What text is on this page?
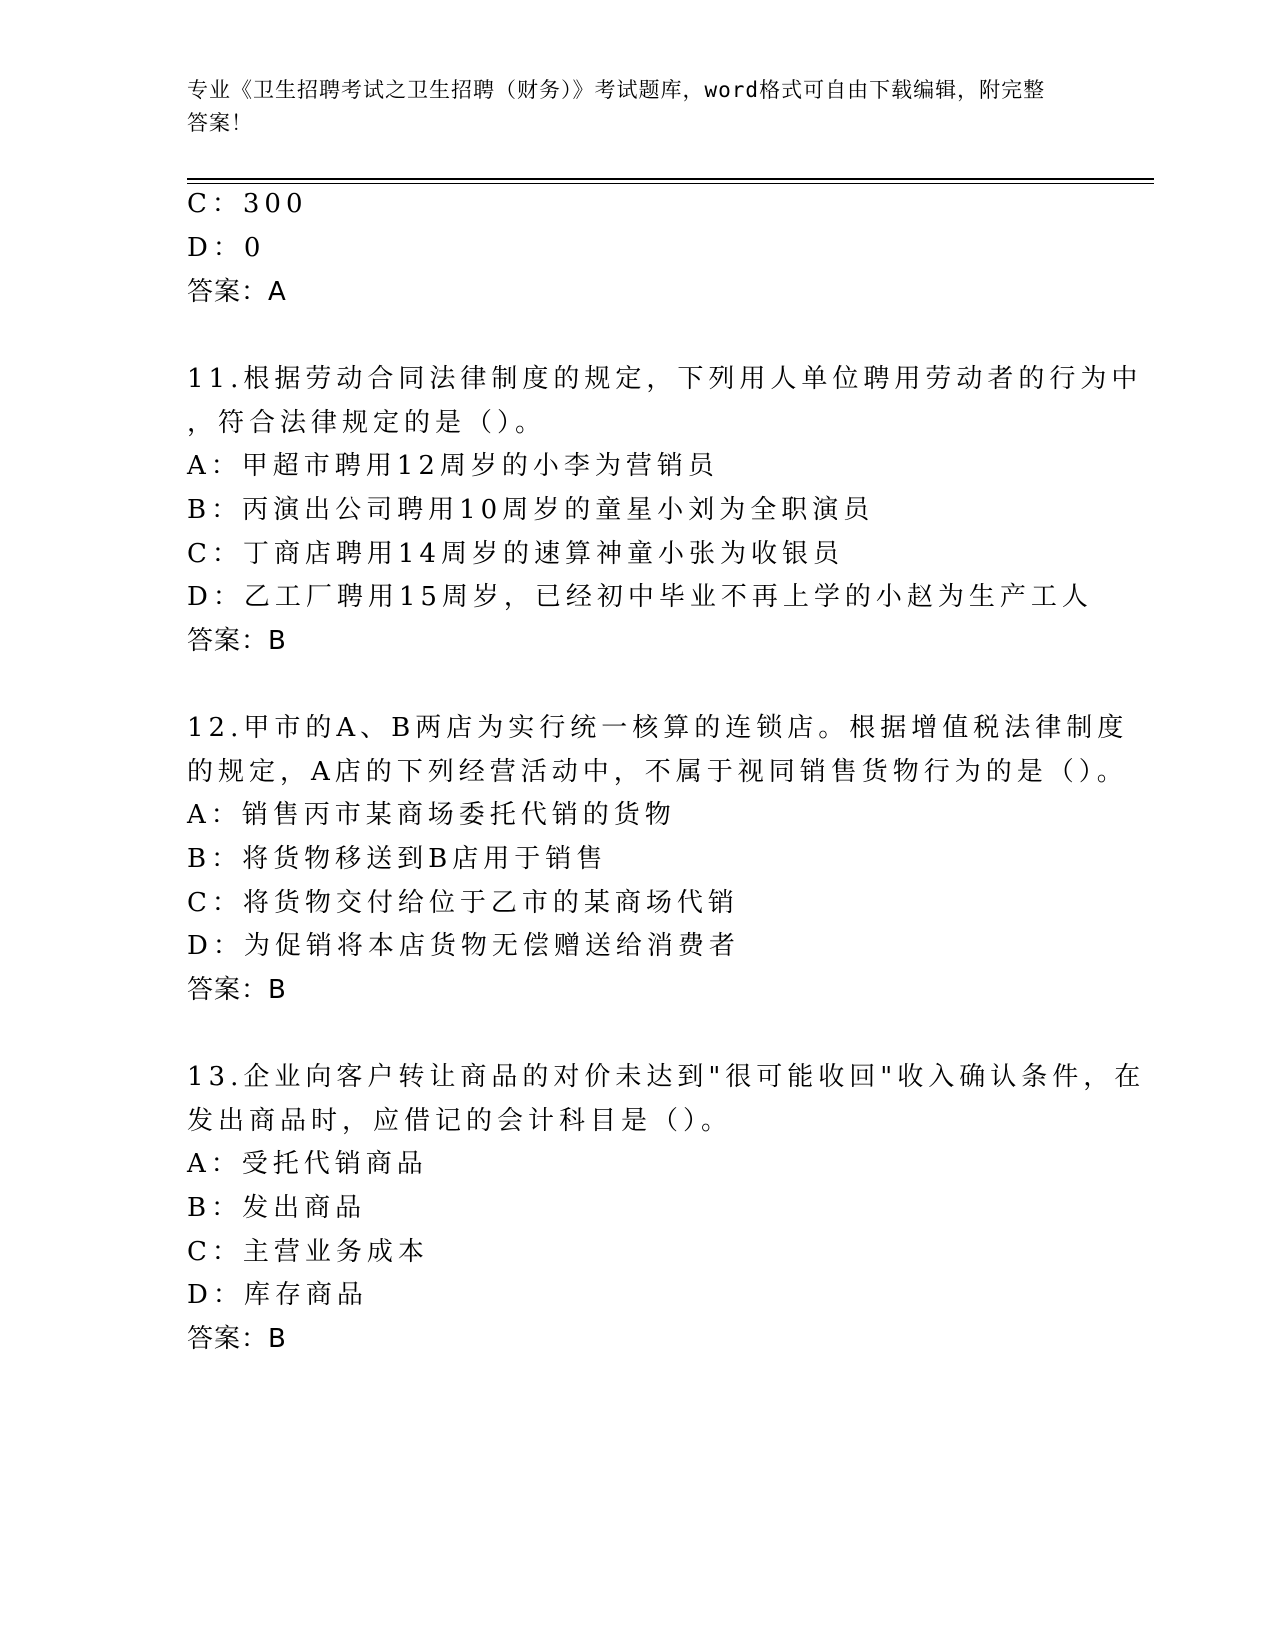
专业《卫生招聘考试之卫生招聘（财务）》考试题库，word格式可自由下载编辑，附完整答案！
C：300
D：0
答案：A
11.根据劳动合同法律制度的规定，下列用人单位聘用劳动者的行为中
，符合法律规定的是（）。
A：甲超市聘用12周岁的小李为营销员
B：丙演出公司聘用10周岁的童星小刘为全职演员
C：丁商店聘用14周岁的速算神童小张为收银员
D：乙工厂聘用15周岁，已经初中毕业不再上学的小赵为生产工人
答案：B
12.甲市的A、B两店为实行统一核算的连锁店。根据增值税法律制度
的规定，A店的下列经营活动中，不属于视同销售货物行为的是（）。
A：销售丙市某商场委托代销的货物
B：将货物移送到B店用于销售
C：将货物交付给位于乙市的某商场代销
D：为促销将本店货物无偿赠送给消费者
答案：B
13.企业向客户转让商品的对价未达到"很可能收回"收入确认条件，在
发出商品时，应借记的会计科目是（）。
A：受托代销商品
B：发出商品
C：主营业务成本
D：库存商品
答案：B
